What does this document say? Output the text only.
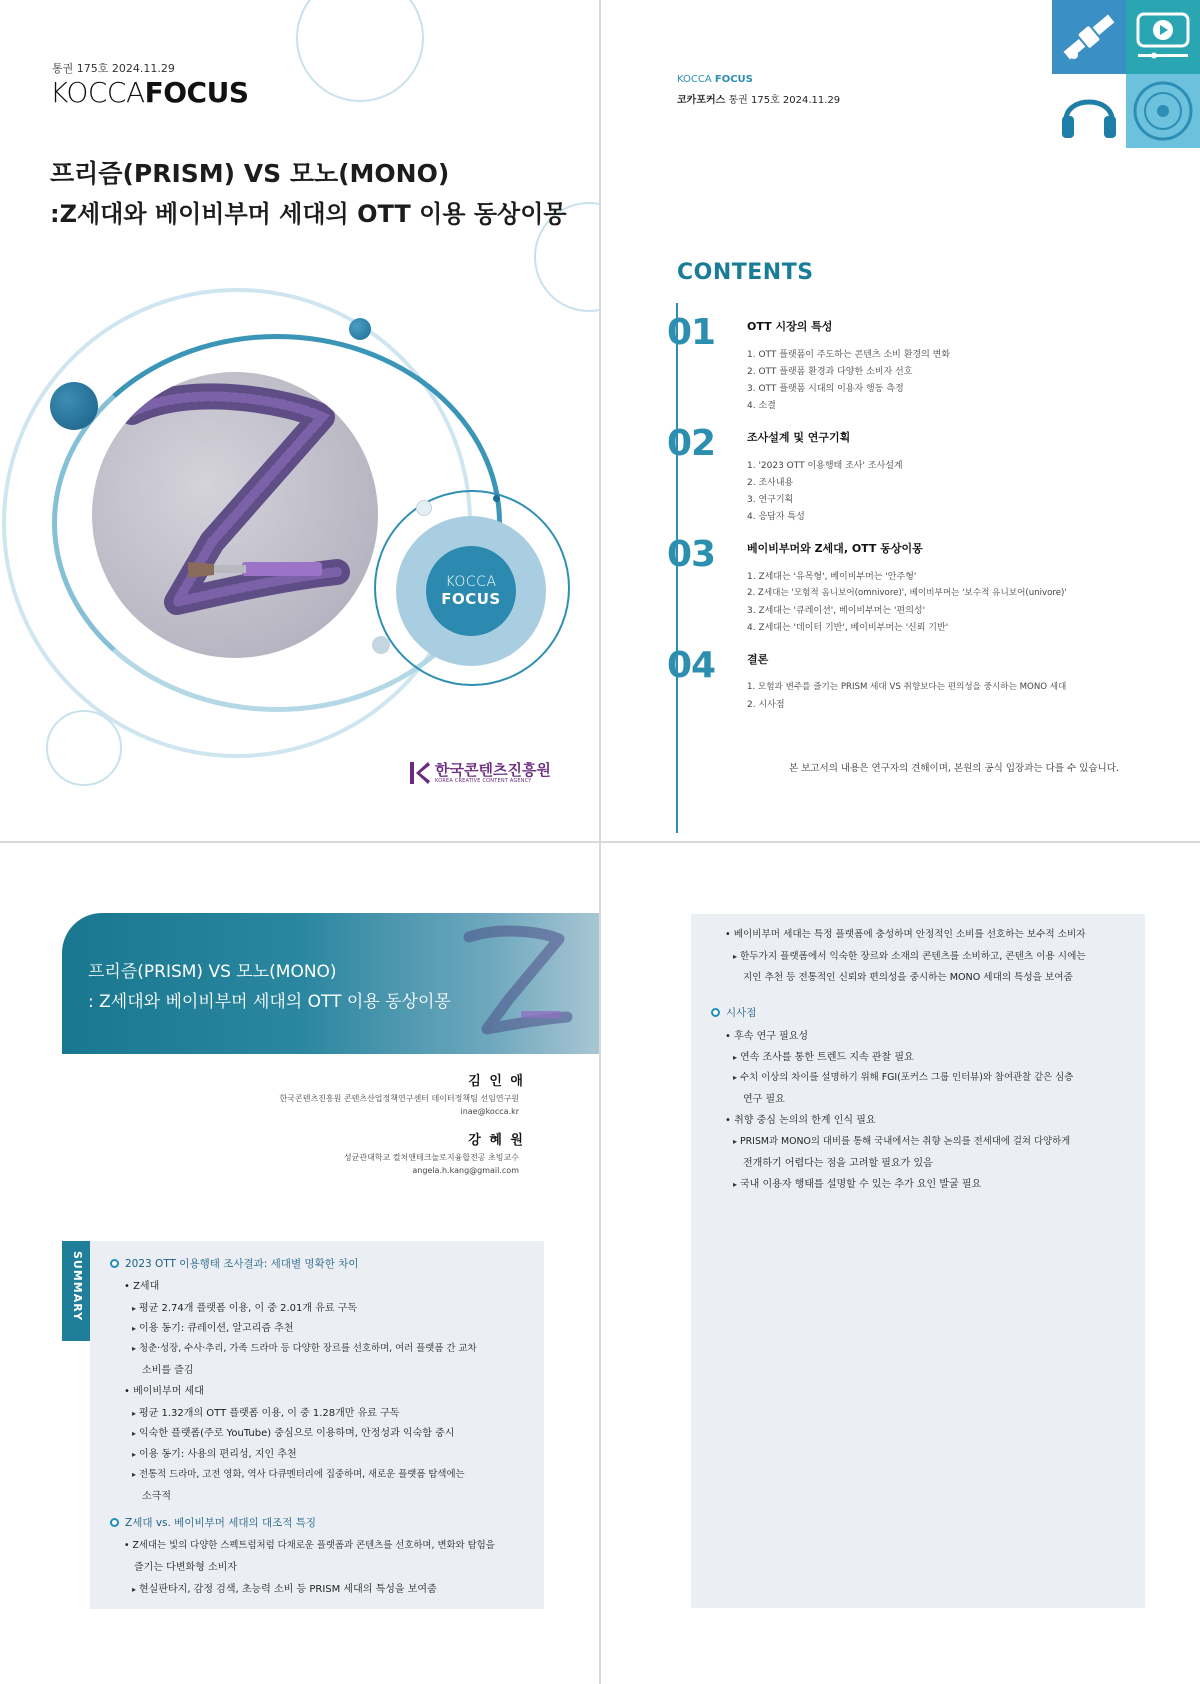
통권 175호 2024.11.29
KOCCAFOCUS
프리즘(PRISM) VS 모노(MONO)
:Z세대와 베이비부머 세대의 OTT 이용 동상이몽
KOCCA
FOCUS
한국콘텐츠진흥원
KOREA CREATIVE CONTENT AGENCY
KOCCA FOCUS
코카포커스 통권 175호 2024.11.29
CONTENTS
01	OTT 시장의 특성
1. OTT 플랫폼이 주도하는 콘텐츠 소비 환경의 변화
2. OTT 플랫폼 환경과 다양한 소비자 선호
3. OTT 플랫폼 시대의 이용자 행동 측정
4. 소결
02	조사설계 및 연구기획
1. '2023 OTT 이용행태 조사' 조사설계
2. 조사내용
3. 연구기획
4. 응답자 특성
03	베이비부머와 Z세대, OTT 동상이몽
1. Z세대는 '유목형', 베이비부머는 '안주형'
2. Z세대는 '모험적 옴니보어(omnivore)', 베이비부머는 '보수적 유니보어(univore)'
3. Z세대는 '큐레이션', 베이비부머는 '편의성'
4. Z세대는 '데이터 기반', 베이비부머는 '신뢰 기반'
04	결론
1. 모험과 변주를 즐기는 PRISM 세대 VS 취향보다는 편의성을 중시하는 MONO 세대
2. 시사점
본 보고서의 내용은 연구자의 견해이며, 본원의 공식 입장과는 다를 수 있습니다.
프리즘(PRISM) VS 모노(MONO)
: Z세대와 베이비부머 세대의 OTT 이용 동상이몽
김 인 애
한국콘텐츠진흥원 콘텐츠산업정책연구센터 데이터정책팀 선임연구원
inae@kocca.kr
강 혜 원
성균관대학교 컬처앤테크놀로지융합전공 초빙교수
angela.h.kang@gmail.com
SUMMARY	2023 OTT 이용행태 조사결과: 세대별 명확한 차이
• Z세대
▸ 평균 2.74개 플랫폼 이용, 이 중 2.01개 유료 구독
▸ 이용 동기: 큐레이션, 알고리즘 추천
▸ 청춘·성장, 수사·추리, 가족 드라마 등 다양한 장르를 선호하며, 여러 플랫폼 간 교차
소비를 즐김
• 베이비부머 세대
▸ 평균 1.32개의 OTT 플랫폼 이용, 이 중 1.28개만 유료 구독
▸ 익숙한 플랫폼(주로 YouTube) 중심으로 이용하며, 안정성과 익숙함 중시
▸ 이용 동기: 사용의 편리성, 지인 추천
▸ 전통적 드라마, 고전 영화, 역사 다큐멘터리에 집중하며, 새로운 플랫폼 탐색에는
소극적
Z세대 vs. 베이비부머 세대의 대조적 특징
• Z세대는 빛의 다양한 스펙트럼처럼 다채로운 플랫폼과 콘텐츠를 선호하며, 변화와 탐험을
즐기는 다변화형 소비자
▸ 현실판타지, 감정 검색, 초능력 소비 등 PRISM 세대의 특성을 보여줌
• 베이비부머 세대는 특정 플랫폼에 충성하며 안정적인 소비를 선호하는 보수적 소비자
▸ 한두가지 플랫폼에서 익숙한 장르와 소재의 콘텐츠를 소비하고, 콘텐츠 이용 시에는
지인 추천 등 전통적인 신뢰와 편의성을 중시하는 MONO 세대의 특성을 보여줌
시사점
• 후속 연구 필요성
▸ 연속 조사를 통한 트렌드 지속 관찰 필요
▸ 수치 이상의 차이를 설명하기 위해 FGI(포커스 그룹 인터뷰)와 참여관찰 같은 심층
연구 필요
• 취향 중심 논의의 한계 인식 필요
▸ PRISM과 MONO의 대비를 통해 국내에서는 취향 논의를 전세대에 걸쳐 다양하게
전개하기 어렵다는 점을 고려할 필요가 있음
▸ 국내 이용자 행태를 설명할 수 있는 추가 요인 발굴 필요
